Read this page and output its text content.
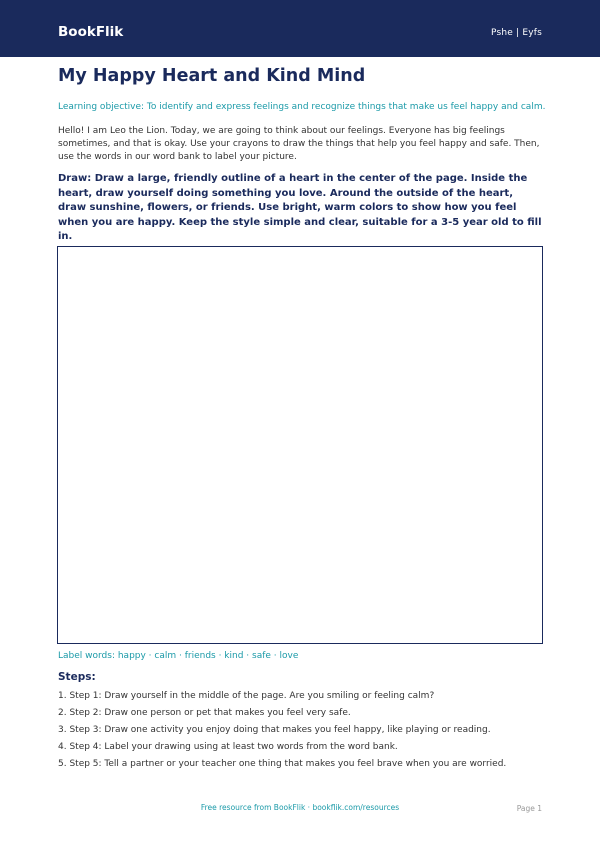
BookFlik	Pshe | Eyfs
My Happy Heart and Kind Mind
Learning objective: To identify and express feelings and recognize things that make us feel happy and calm.
Hello! I am Leo the Lion. Today, we are going to think about our feelings. Everyone has big feelings sometimes, and that is okay. Use your crayons to draw the things that help you feel happy and safe. Then, use the words in our word bank to label your picture.
Draw: Draw a large, friendly outline of a heart in the center of the page. Inside the heart, draw yourself doing something you love. Around the outside of the heart, draw sunshine, flowers, or friends. Use bright, warm colors to show how you feel when you are happy. Keep the style simple and clear, suitable for a 3-5 year old to fill in.
Label words: happy · calm · friends · kind · safe · love
Steps:
1. Step 1: Draw yourself in the middle of the page. Are you smiling or feeling calm?
2. Step 2: Draw one person or pet that makes you feel very safe.
3. Step 3: Draw one activity you enjoy doing that makes you feel happy, like playing or reading.
4. Step 4: Label your drawing using at least two words from the word bank.
5. Step 5: Tell a partner or your teacher one thing that makes you feel brave when you are worried.
Free resource from BookFlik · bookflik.com/resources	Page 1
